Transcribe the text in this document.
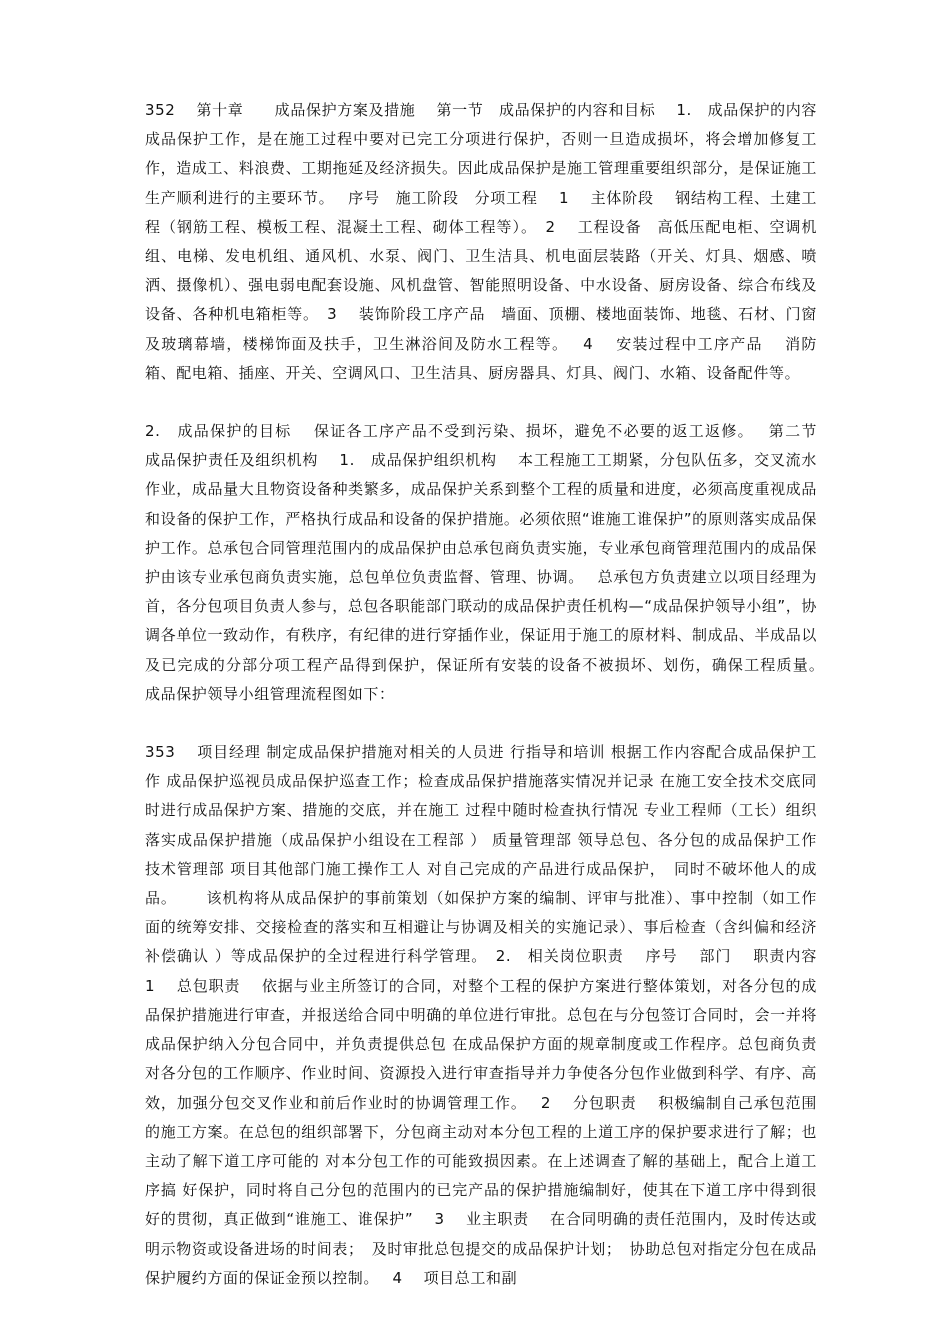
352　 第十章　　成品保护方案及措施　 第一节　成品保护的内容和目标　 1.　成品保护的内容　 成品保护工作，是在施工过程中要对已完工分项进行保护，否则一旦造成损坏，将会增加修复工作，造成工、料浪费、工期拖延及经济损失。因此成品保护是施工管理重要组织部分，是保证施工生产顺利进行的主要环节。　 序号　施工阶段　分项工程　 1　 主体阶段　 钢结构工程、土建工程（钢筋工程、模板工程、混凝土工程、砌体工程等）。　2　 工程设备　高低压配电柜、空调机组、电梯、发电机组、通风机、水泵、阀门、卫生洁具、机电面层装路（开关、灯具、烟感、喷洒、摄像机）、强电弱电配套设施、风机盘管、智能照明设备、中水设备、厨房设备、综合布线及设备、各种机电箱柜等。　3　 装饰阶段工序产品　墙面、顶棚、楼地面装饰、地毯、石材、门窗及玻璃幕墙，楼梯饰面及扶手，卫生淋浴间及防水工程等。　 4　 安装过程中工序产品　 消防箱、配电箱、插座、开关、空调风口、卫生洁具、厨房器具、灯具、阀门、水箱、设备配件等。

2.　成品保护的目标　 保证各工序产品不受到污染、损坏，避免不必要的返工返修。　 第二节　成品保护责任及组织机构　 1.　成品保护组织机构　 本工程施工工期紧，分包队伍多，交叉流水作业，成品量大且物资设备种类繁多，成品保护关系到整个工程的质量和进度，必须高度重视成品和设备的保护工作，严格执行成品和设备的保护措施。必须依照“谁施工谁保护”的原则落实成品保护工作。总承包合同管理范围内的成品保护由总承包商负责实施，专业承包商管理范围内的成品保护由该专业承包商负责实施，总包单位负责监督、管理、协调。　 总承包方负责建立以项目经理为首，各分包项目负责人参与，总包各职能部门联动的成品保护责任机构—“成品保护领导小组”，协调各单位一致动作，有秩序，有纪律的进行穿插作业，保证用于施工的原材料、制成品、半成品以及已完成的分部分项工程产品得到保护，保证所有安装的设备不被损坏、划伤，确保工程质量。　 成品保护领导小组管理流程图如下：

353　 项目经理 制定成品保护措施对相关的人员进 行指导和培训 根据工作内容配合成品保护工作 成品保护巡视员成品保护巡查工作；检查成品保护措施落实情况并记录 在施工安全技术交底同时进行成品保护方案、措施的交底，并在施工 过程中随时检查执行情况 专业工程师（工长）组织落实成品保护措施（成品保护小组设在工程部 ） 质量管理部 领导总包、各分包的成品保护工作 技术管理部 项目其他部门施工操作工人 对自己完成的产品进行成品保护，　同时不破坏他人的成品。　　 该机构将从成品保护的事前策划（如保护方案的编制、评审与批准）、事中控制（如工作面的统筹安排、交接检查的落实和互相避让与协调及相关的实施记录）、事后检查（含纠偏和经济补偿确认 ）等成品保护的全过程进行科学管理。　2.　相关岗位职责　 序号　 部门　 职责内容　 1　 总包职责　 依据与业主所签订的合同，对整个工程的保护方案进行整体策划，对各分包的成品保护措施进行审查，并报送给合同中明确的单位进行审批。总包在与分包签订合同时，会一并将成品保护纳入分包合同中，并负责提供总包 在成品保护方面的规章制度或工作程序。总包商负责对各分包的工作顺序、作业时间、资源投入进行审查指导并力争使各分包作业做到科学、有序、高效，加强分包交叉作业和前后作业时的协调管理工作。　 2　 分包职责　 积极编制自己承包范围的施工方案。在总包的组织部署下，分包商主动对本分包工程的上道工序的保护要求进行了解；也主动了解下道工序可能的 对本分包工作的可能致损因素。在上述调查了解的基础上，配合上道工序搞 好保护，同时将自己分包的范围内的已完产品的保护措施编制好，使其在下道工序中得到很好的贯彻，真正做到“谁施工、谁保护”　 3　 业主职责　 在合同明确的责任范围内，及时传达或明示物资或设备进场的时间表；　及时审批总包提交的成品保护计划；　协助总包对指定分包在成品保护履约方面的保证金预以控制。　 4　 项目总工和副
